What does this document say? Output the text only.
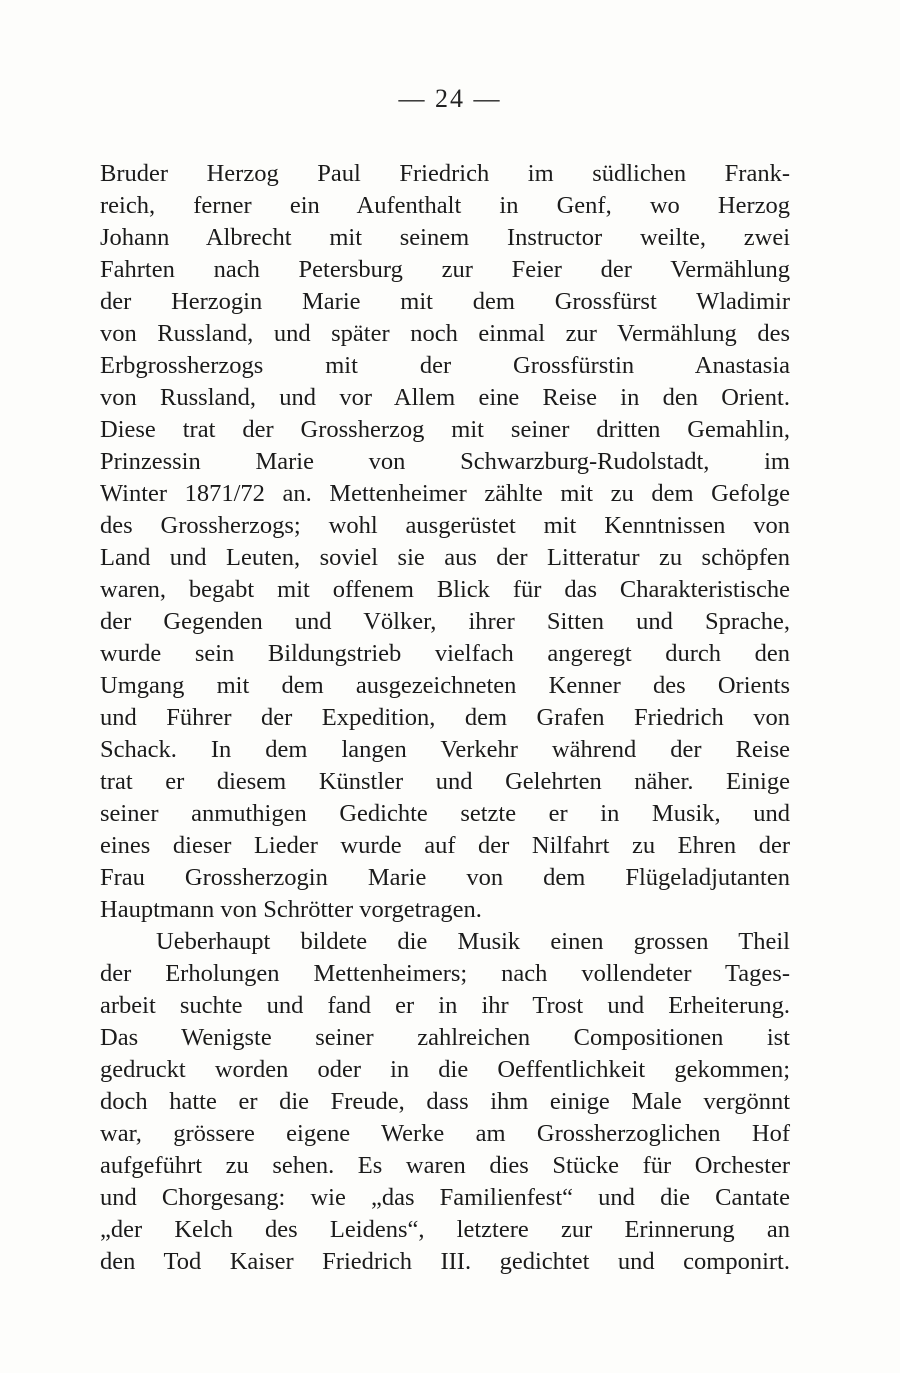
— 24 —
Bruder Herzog Paul Friedrich im südlichen Frank-
reich, ferner ein Aufenthalt in Genf, wo Herzog
Johann Albrecht mit seinem Instructor weilte, zwei
Fahrten nach Petersburg zur Feier der Vermählung
der Herzogin Marie mit dem Grossfürst Wladimir
von Russland, und später noch einmal zur Vermählung des
Erbgrossherzogs mit der Grossfürstin Anastasia
von Russland, und vor Allem eine Reise in den Orient.
Diese trat der Grossherzog mit seiner dritten Gemahlin,
Prinzessin Marie von Schwarzburg-Rudolstadt, im
Winter 1871/72 an. Mettenheimer zählte mit zu dem Gefolge
des Grossherzogs; wohl ausgerüstet mit Kenntnissen von
Land und Leuten, soviel sie aus der Litteratur zu schöpfen
waren, begabt mit offenem Blick für das Charakteristische
der Gegenden und Völker, ihrer Sitten und Sprache,
wurde sein Bildungstrieb vielfach angeregt durch den
Umgang mit dem ausgezeichneten Kenner des Orients
und Führer der Expedition, dem Grafen Friedrich von
Schack. In dem langen Verkehr während der Reise
trat er diesem Künstler und Gelehrten näher. Einige
seiner anmuthigen Gedichte setzte er in Musik, und
eines dieser Lieder wurde auf der Nilfahrt zu Ehren der
Frau Grossherzogin Marie von dem Flügeladjutanten
Hauptmann von Schrötter vorgetragen.
Ueberhaupt bildete die Musik einen grossen Theil
der Erholungen Mettenheimers; nach vollendeter Tages-
arbeit suchte und fand er in ihr Trost und Erheiterung.
Das Wenigste seiner zahlreichen Compositionen ist
gedruckt worden oder in die Oeffentlichkeit gekommen;
doch hatte er die Freude, dass ihm einige Male vergönnt
war, grössere eigene Werke am Grossherzoglichen Hof
aufgeführt zu sehen. Es waren dies Stücke für Orchester
und Chorgesang: wie „das Familienfest“ und die Cantate
„der Kelch des Leidens“, letztere zur Erinnerung an
den Tod Kaiser Friedrich III. gedichtet und componirt.
